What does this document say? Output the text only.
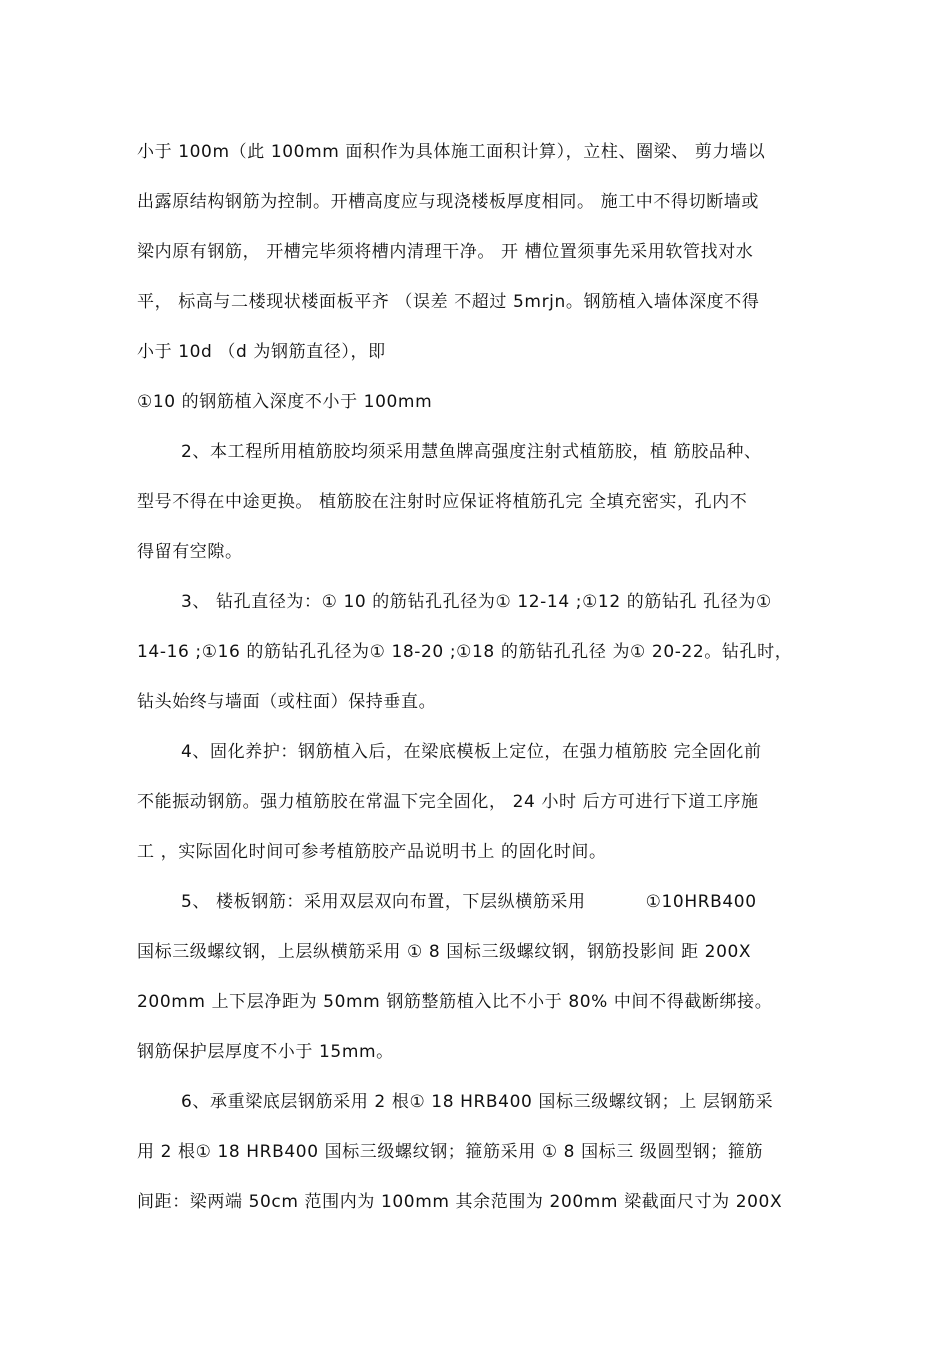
小于 100m（此 100mm 面积作为具体施工面积计算），立柱、圈梁、 剪力墙以
出露原结构钢筋为控制。开槽高度应与现浇楼板厚度相同。 施工中不得切断墙或
梁内原有钢筋， 开槽完毕须将槽内清理干净。 开 槽位置须事先采用软管找对水
平， 标高与二楼现状楼面板平齐 （误差 不超过 5mrjn。钢筋植入墙体深度不得
小于 10d （d 为钢筋直径），即
①10 的钢筋植入深度不小于 100mm
2、本工程所用植筋胶均须采用慧鱼牌高强度注射式植筋胶，植 筋胶品种、
型号不得在中途更换。 植筋胶在注射时应保证将植筋孔完 全填充密实，孔内不
得留有空隙。
3、 钻孔直径为：① 10 的筋钻孔孔径为① 12-14 ;①12 的筋钻孔 孔径为①
14-16 ;①16 的筋钻孔孔径为① 18-20 ;①18 的筋钻孔孔径 为① 20-22。钻孔时，
钻头始终与墙面（或柱面）保持垂直。
4、固化养护：钢筋植入后，在梁底模板上定位，在强力植筋胶 完全固化前
不能振动钢筋。强力植筋胶在常温下完全固化， 24 小时 后方可进行下道工序施
工 ，实际固化时间可参考植筋胶产品说明书上 的固化时间。
5、 楼板钢筋：采用双层双向布置，下层纵横筋采用          ①10HRB400
国标三级螺纹钢，上层纵横筋采用 ① 8 国标三级螺纹钢，钢筋投影间 距 200X
200mm 上下层净距为 50mm 钢筋整筋植入比不小于 80% 中间不得截断绑接。
钢筋保护层厚度不小于 15mm。
6、承重梁底层钢筋采用 2 根① 18 HRB400 国标三级螺纹钢；上 层钢筋采
用 2 根① 18 HRB400 国标三级螺纹钢；箍筋采用 ① 8 国标三 级圆型钢；箍筋
间距：梁两端 50cm 范围内为 100mm 其余范围为 200mm 梁截面尺寸为 200X
